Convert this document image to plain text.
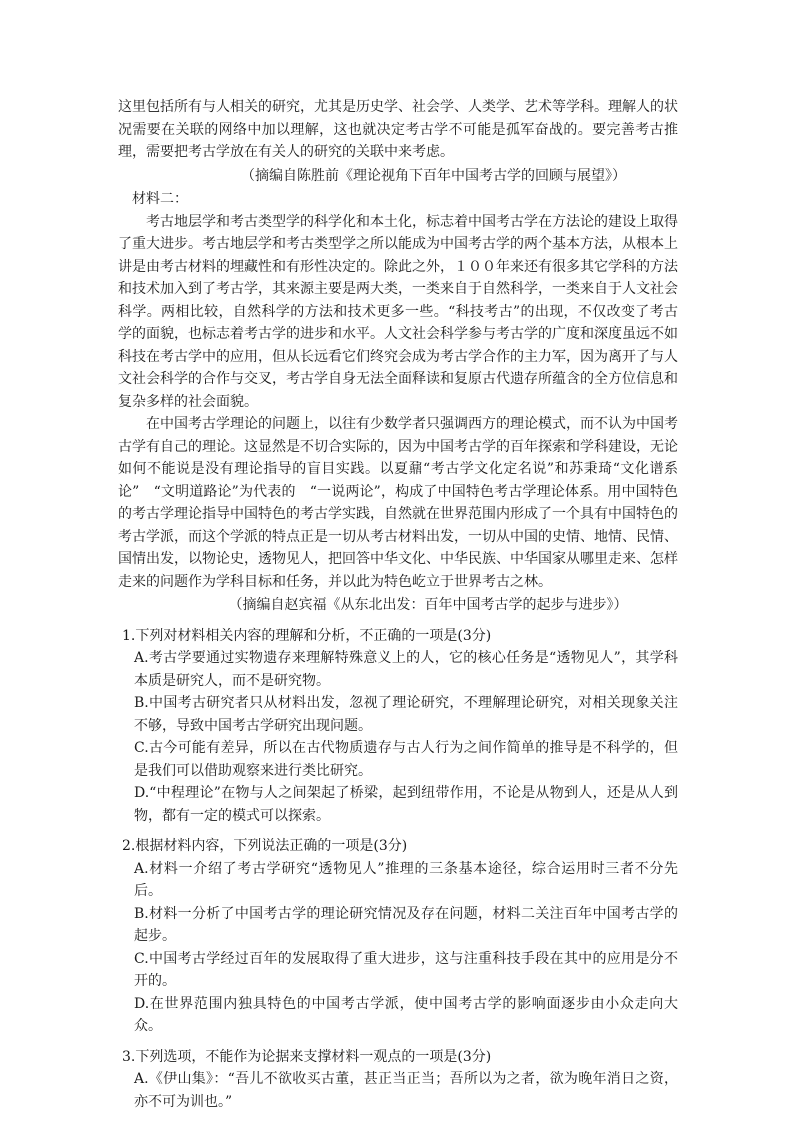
这里包括所有与人相关的研究，尤其是历史学、社会学、人类学、艺术等学科。理解人的状况需要在关联的网络中加以理解，这也就决定考古学不可能是孤军奋战的。要完善考古推理，需要把考古学放在有关人的研究的关联中来考虑。

（摘编自陈胜前《理论视角下百年中国考古学的回顾与展望》）

材料二：

考古地层学和考古类型学的科学化和本土化，标志着中国考古学在方法论的建设上取得了重大进步。考古地层学和考古类型学之所以能成为中国考古学的两个基本方法，从根本上讲是由考古材料的埋藏性和有形性决定的。除此之外，１００年来还有很多其它学科的方法和技术加入到了考古学，其来源主要是两大类，一类来自于自然科学，一类来自于人文社会科学。两相比较，自然科学的方法和技术更多一些。“科技考古”的出现，不仅改变了考古学的面貌，也标志着考古学的进步和水平。人文社会科学参与考古学的广度和深度虽远不如科技在考古学中的应用，但从长远看它们终究会成为考古学合作的主力军，因为离开了与人文社会科学的合作与交叉，考古学自身无法全面释读和复原古代遗存所蕴含的全方位信息和复杂多样的社会面貌。

在中国考古学理论的问题上，以往有少数学者只强调西方的理论模式，而不认为中国考古学有自己的理论。这显然是不切合实际的，因为中国考古学的百年探索和学科建设，无论如何不能说是没有理论指导的盲目实践。以夏鼐“考古学文化定名说”和苏秉琦“文化谱系论”　“文明道路论”为代表的　“一说两论”，构成了中国特色考古学理论体系。用中国特色的考古学理论指导中国特色的考古学实践，自然就在世界范围内形成了一个具有中国特色的考古学派，而这个学派的特点正是一切从考古材料出发，一切从中国的史情、地情、民情、国情出发，以物论史，透物见人，把回答中华文化、中华民族、中华国家从哪里走来、怎样走来的问题作为学科目标和任务，并以此为特色屹立于世界考古之林。

（摘编自赵宾福《从东北出发：百年中国考古学的起步与进步》）

1.下列对材料相关内容的理解和分析，不正确的一项是(3分)

A.考古学要通过实物遗存来理解特殊意义上的人，它的核心任务是“透物见人”，其学科本质是研究人，而不是研究物。

B.中国考古研究者只从材料出发，忽视了理论研究，不理解理论研究，对相关现象关注不够，导致中国考古学研究出现问题。

C.古今可能有差异，所以在古代物质遗存与古人行为之间作简单的推导是不科学的，但是我们可以借助观察来进行类比研究。

D.“中程理论”在物与人之间架起了桥梁，起到纽带作用，不论是从物到人，还是从人到物，都有一定的模式可以探索。

2.根据材料内容，下列说法正确的一项是(3分)

A.材料一介绍了考古学研究“透物见人”推理的三条基本途径，综合运用时三者不分先后。

B.材料一分析了中国考古学的理论研究情况及存在问题，材料二关注百年中国考古学的起步。

C.中国考古学经过百年的发展取得了重大进步，这与注重科技手段在其中的应用是分不开的。

D.在世界范围内独具特色的中国考古学派，使中国考古学的影响面逐步由小众走向大众。

3.下列选项，不能作为论据来支撑材料一观点的一项是(3分)

A.《伊山集》：“吾儿不欲收买古董，甚正当正当；吾所以为之者，欲为晚年消日之资，亦不可为训也。”
